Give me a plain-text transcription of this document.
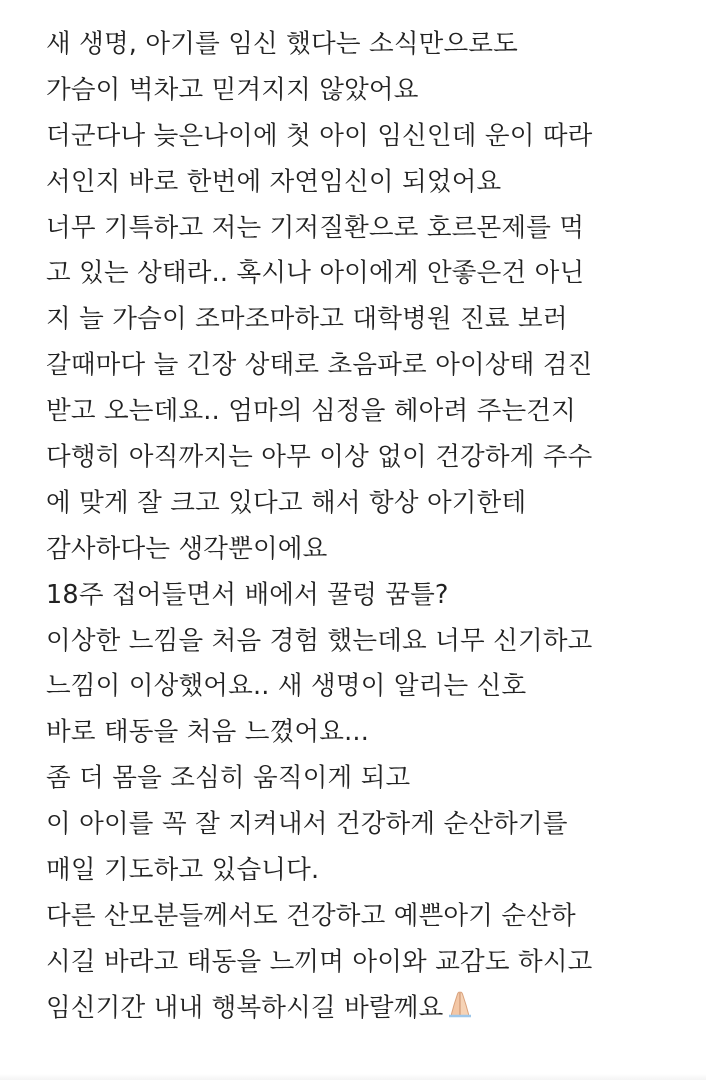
새 생명, 아기를 임신 했다는 소식만으로도
가슴이 벅차고 믿겨지지 않았어요
더군다나 늦은나이에 첫 아이 임신인데 운이 따라
서인지 바로 한번에 자연임신이 되었어요
너무 기특하고 저는 기저질환으로 호르몬제를 먹
고 있는 상태라.. 혹시나 아이에게 안좋은건 아닌
지 늘 가슴이 조마조마하고 대학병원 진료 보러
갈때마다 늘 긴장 상태로 초음파로 아이상태 검진
받고 오는데요.. 엄마의 심정을 헤아려 주는건지
다행히 아직까지는 아무 이상 없이 건강하게 주수
에 맞게 잘 크고 있다고 해서 항상 아기한테
감사하다는 생각뿐이에요
18주 접어들면서 배에서 꿀렁 꿈틀?
이상한 느낌을 처음 경험 했는데요 너무 신기하고
느낌이 이상했어요.. 새 생명이 알리는 신호
바로 태동을 처음 느꼈어요...
좀 더 몸을 조심히 움직이게 되고
이 아이를 꼭 잘 지켜내서 건강하게 순산하기를
매일 기도하고 있습니다.
다른 산모분들께서도 건강하고 예쁜아기 순산하
시길 바라고 태동을 느끼며 아이와 교감도 하시고
임신기간 내내 행복하시길 바랄께요
